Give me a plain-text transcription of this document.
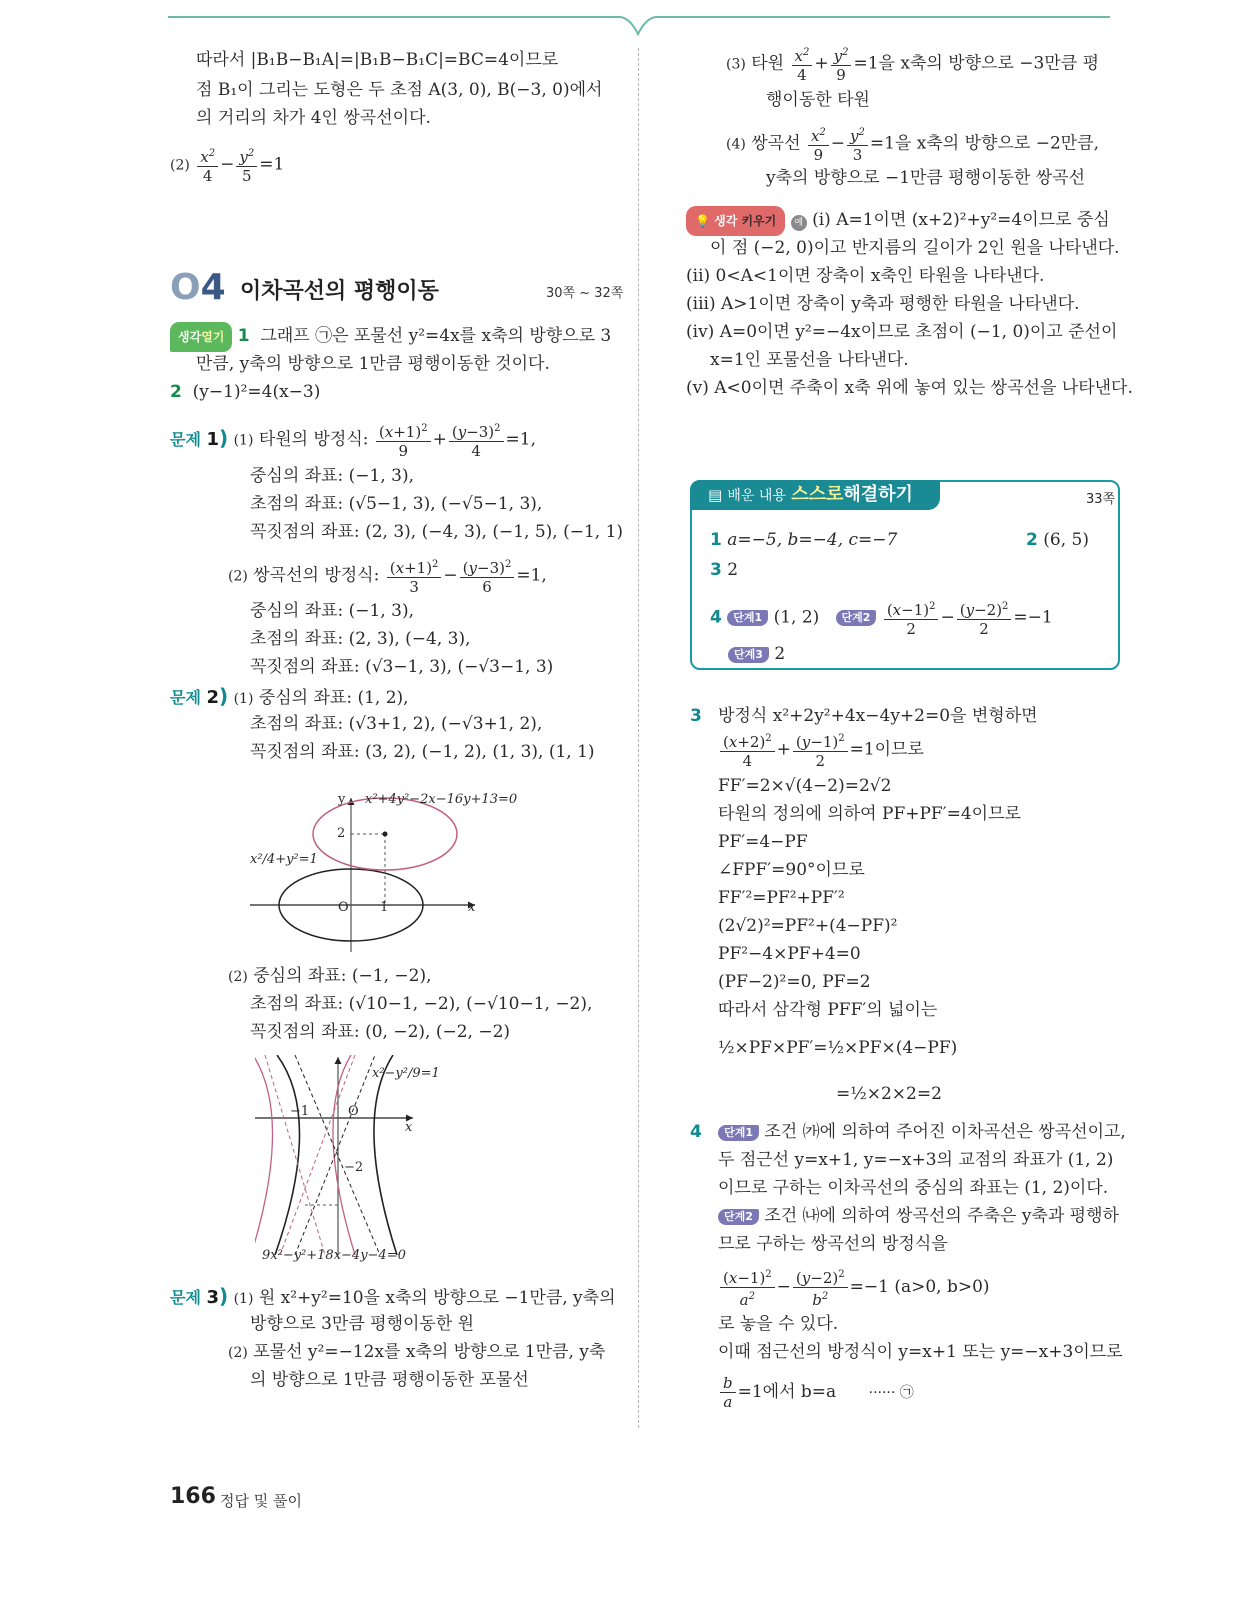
따라서 |B₁B−B₁A|=|B₁B−B₁C|=BC=4이므로
점 B₁이 그리는 도형은 두 초점 A(3, 0), B(−3, 0)에서
의 거리의 차가 4인 쌍곡선이다.
$(2) \frac{x^2}{4} - \frac{y^2}{5} =1$
O4 이차곡선의 평행이동	30쪽 ~ 32쪽
생각열기 1 그래프 ㉠은 포물선 y²=4x를 x축의 방향으로 3
만큼, y축의 방향으로 1만큼 평행이동한 것이다.
2 (y−1)²=4(x−3)
문제 1) (1) 타원의 방정식: $\frac{(x+1)^2}{9} + \frac{(y-3)^2}{4} =1$,
중심의 좌표: (−1, 3),
초점의 좌표: (√5−1, 3), (−√5−1, 3),
꼭짓점의 좌표: (2, 3), (−4, 3), (−1, 5), (−1, 1)
(2) 쌍곡선의 방정식: $\frac{(x+1)^2}{3} - \frac{(y-3)^2}{6} =1$,
중심의 좌표: (−1, 3),
초점의 좌표: (2, 3), (−4, 3),
꼭짓점의 좌표: (√3−1, 3), (−√3−1, 3)
문제 2) (1) 중심의 좌표: (1, 2),
초점의 좌표: (√3+1, 2), (−√3+1, 2),
꼭짓점의 좌표: (3, 2), (−1, 2), (1, 3), (1, 1)
y x²+4y²−2x−16y+13=0
2
x²/4+y²=1
O 1	x
(2) 중심의 좌표: (−1, −2),
초점의 좌표: (√10−1, −2), (−√10−1, −2),
꼭짓점의 좌표: (0, −2), (−2, −2)
x²−y²/9=1
−1	O
x
−2
9x²−y²+18x−4y−4=0
문제 3) (1) 원 x²+y²=10을 x축의 방향으로 −1만큼, y축의
방향으로 3만큼 평행이동한 원
(2) 포물선 y²=−12x를 x축의 방향으로 1만큼, y축
의 방향으로 1만큼 평행이동한 포물선
166 정답 및 풀이
(3) 타원 $\frac{x^2}{4} + \frac{y^2}{9} =1$을 x축의 방향으로 −3만큼 평
행이동한 타원
(4) 쌍곡선 $\frac{x^2}{9} - \frac{y^2}{3} =1$을 x축의 방향으로 −2만큼,
y축의 방향으로 −1만큼 평행이동한 쌍곡선
💡 생각 키우기 예 (i) A=1이면 (x+2)²+y²=4이므로 중심
이 점 (−2, 0)이고 반지름의 길이가 2인 원을 나타낸다.
(ii) 0<A<1이면 장축이 x축인 타원을 나타낸다.
(iii) A>1이면 장축이 y축과 평행한 타원을 나타낸다.
(iv) A=0이면 y²=−4x이므로 초점이 (−1, 0)이고 준선이
x=1인 포물선을 나타낸다.
(v) A<0이면 주축이 x축 위에 놓여 있는 쌍곡선을 나타낸다.
▤ 배운 내용 스스로해결하기	33쪽
1 a=−5, b=−4, c=−7	2 (6, 5)
3 2
4 단계1 (1, 2) 단계$2 \frac{(x-1)^2}{2} - \frac{(y-2)^2}{2} =-1$
단계3 2
3 방정식 x²+2y²+4x−4y+2=0을 변형하면
$\frac{(x+2)^2}{4} + \frac{(y-1)^2}{2} =1$이므로
FF′=2×√(4−2)=2√2
타원의 정의에 의하여 PF+PF′=4이므로
PF′=4−PF
∠FPF′=90°이므로
FF′²=PF²+PF′²
(2√2)²=PF²+(4−PF)²
PF²−4×PF+4=0
(PF−2)²=0, PF=2
따라서 삼각형 PFF′의 넓이는
½×PF×PF′=½×PF×(4−PF)
=½×2×2=2
4 단계1 조건 ㈎에 의하여 주어진 이차곡선은 쌍곡선이고,
두 점근선 y=x+1, y=−x+3의 교점의 좌표가 (1, 2)
이므로 구하는 이차곡선의 중심의 좌표는 (1, 2)이다.
단계2 조건 ㈏에 의하여 쌍곡선의 주축은 y축과 평행하
므로 구하는 쌍곡선의 방정식을
$\frac{(x-1)^2}{a^2} - \frac{(y-2)^2}{b^2} =-1$ (a>0, b>0)
로 놓을 수 있다.
이때 점근선의 방정식이 y=x+1 또는 y=−x+3이므로
$\frac{b}{a} =1$에서 b=a ······ ㉠
